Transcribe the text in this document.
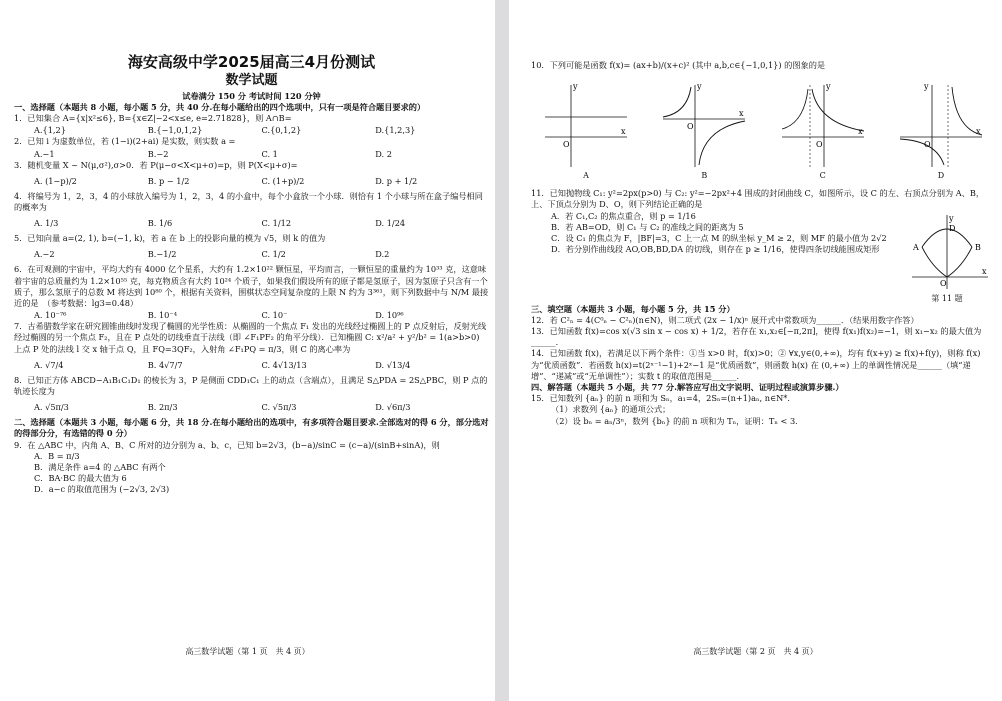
海安高级中学2025届高三4月份测试
数学试题
试卷满分 150 分 考试时间 120 分钟

一、选择题（本题共 8 小题，每小题 5 分，共 40 分.在每小题给出的四个选项中，只有一项是符合题目要求的）

1．已知集合 A={x|x²≤6}, B={x∈Z|−2<x≤e, e=2.71828}，则 A∩B=

A.{1,2}	B.{−1,0,1,2}	C.{0,1,2}	D.{1,2,3}

2．已知 i 为虚数单位，若 (1−i)(2+ai) 是实数，则实数 a =

A.−1	B.−2	C. 1	D. 2

3．随机变量 X ~ N(μ,σ²),σ>0．若 P(μ−σ<X<μ+σ)=p，则 P(X<μ+σ)=

A. (1−p)/2	B. p − 1/2	C. (1+p)/2	D. p + 1/2

4．将编号为 1，2，3，4 的小球放入编号为 1，2，3，4 的小盒中，每个小盒放一个小球．则恰有 1 个小球与所在盒子编号相同的概率为

A. 1/3	B. 1/6	C. 1/12	D. 1/24

5．已知向量 a=(2, 1), b=(−1, k)，若 a 在 b 上的投影向量的模为 √5，则 k 的值为

A.−2	B.−1/2	C. 1/2	D.2

6．在可观测的宇宙中，平均大约有 4000 亿个星系，大约有 1.2×10²² 颗恒星，平均而言，一颗恒星的重量约为 10³³ 克，这意味着宇宙的总质量约为 1.2×10⁵⁵ 克，每克物质含有大约 10²⁴ 个质子，如果我们假设所有的原子都是氢原子，因为氢原子只含有一个质子，那么氢原子的总数 M 将达到 10⁸⁰ 个，根据有关资料，围棋状态空间复杂度的上限 N 约为 3³⁶¹，则下列数据中与 N/M 最接近的是　（参考数据：lg3=0.48）

A. 10⁻⁷⁶	B. 10⁻⁴	C. 10⁻	D. 10⁹⁶

7．古希腊数学家在研究圆锥曲线时发现了椭圆的光学性质：从椭圆的一个焦点 F₁ 发出的光线经过椭圆上的 P 点反射后，反射光线经过椭圆的另一个焦点 F₂，且在 P 点处的切线垂直于法线（即 ∠F₁PF₂ 的角平分线）．已知椭圆 C: x²/a² + y²/b² = 1(a>b>0) 上点 P 处的法线 l 交 x 轴于点 Q，且 FQ=3QF₂，入射角 ∠F₁PQ = π/3，则 C 的离心率为

A. √7/4	B. 4√7/7	C. 4√13/13	D. √13/4

8．已知正方体 ABCD−A₁B₁C₁D₁ 的棱长为 3，P 是侧面 CDD₁C₁ 上的动点（含端点），且满足 S△PDA = 2S△PBC，则 P 点的轨迹长度为

A. √5π/3	B. 2π/3	C. √5π/3	D. √6π/3

二、选择题（本题共 3 小题，每小题 6 分，共 18 分.在每小题给出的选项中，有多项符合题目要求.全部选对的得 6 分，部分选对的得部分分，有选错的得 0 分）

9．在 △ABC 中，内角 A、B、C 所对的边分别为 a、b、c，已知 b=2√3，(b−a)/sinC = (c−a)/(sinB+sinA)，则

A．B = π/3

B．满足条件 a=4 的 △ABC 有两个

C．BA·BC 的最大值为 6

D．a−c 的取值范围为 (−2√3, 2√3)

高三数学试题（第 1 页　共 4 页）

10．下列可能是函数 f(x)= (ax+b)/(x+c)² (其中 a,b,c∈{−1,0,1}) 的图象的是

y
x
O
A
y
x
O
B
y
x
O
C
y
x
O
D

11．已知抛物线 C₁: y²=2px(p>0) 与 C₂: y²=−2px²+4 围成的封闭曲线 C，如图所示，设 C 的左、右顶点分别为 A、B，上、下顶点分别为 D、O，则下列结论正确的是

A．若 C₁,C₂ 的焦点重合，则 p = 1/16

B．若 AB=OD，则 C₁ 与 C₂ 的准线之间的距离为 5

C．设 C₁ 的焦点为 F，|BF|=3，C 上一点 M 的纵坐标 y_M ≥ 2，则 MF 的最小值为 2√2

D．若分别作曲线段 AO,OB,BD,DA 的切线，则存在 p ≥ 1/16，使得四条切线能围成矩形

y
x
A	B
D
O
第 11 题

三、填空题（本题共 3 小题，每小题 5 分，共 15 分）

12．若 C²ₙ = 4(C⁰ₙ − C²ₙ)(n∈N)，则二项式 (2x − 1/x)ⁿ 展开式中常数项为______．（结果用数字作答）

13．已知函数 f(x)=cos x(√3 sin x − cos x) + 1/2，若存在 x₁,x₂∈[−π,2π]，使得 f(x₁)f(x₂)=−1，则 x₁−x₂ 的最大值为______．

14．已知函数 f(x)，若满足以下两个条件：①当 x>0 时，f(x)>0；② ∀x,y∈(0,+∞)，均有 f(x+y) ≥ f(x)+f(y)，则称 f(x) 为“优质函数”．若函数 h(x)=t(2ˣ⁻¹−1)+2ˣ−1 是“优质函数”，则函数 h(x) 在 (0,+∞) 上的单调性情况是______（填“递增”、“递减”或“无单调性”）；实数 t 的取值范围是______．

四、解答题（本题共 5 小题，共 77 分.解答应写出文字说明、证明过程或演算步骤.）

15．已知数列 {aₙ} 的前 n 项和为 Sₙ，a₁=4，2Sₙ=(n+1)aₙ, n∈N*．

（1）求数列 {aₙ} 的通项公式；

（2）设 bₙ = aₙ/3ⁿ，数列 {bₙ} 的前 n 项和为 Tₙ，证明：Tₙ < 3．

高三数学试题（第 2 页　共 4 页）
